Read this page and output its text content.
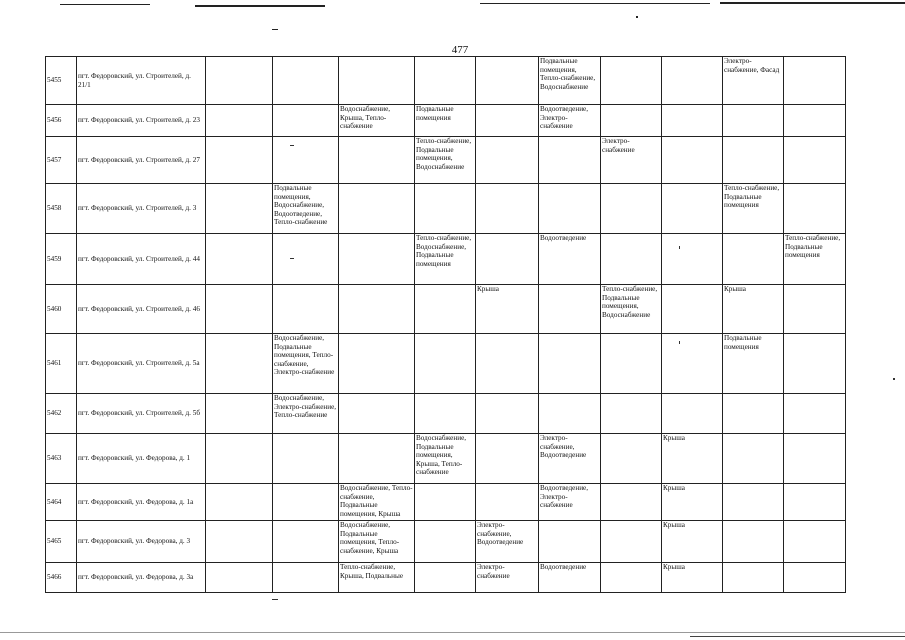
477
5455	пгт. Федоровский, ул. Строителей, д. 21/1						Подвальные помещения, Тепло-снабжение, Водоснабжение			Электро-снабжение, Фасад	
5456	пгт. Федоровский, ул. Строителей, д. 23			Водоснабжение, Крыша, Тепло-снабжение	Подвальные помещения		Водоотведение, Электро-снабжение				
5457	пгт. Федоровский, ул. Строителей, д. 27				Тепло-снабжение, Подвальные помещения, Водоснабжение			Электро-снабжение			
5458	пгт. Федоровский, ул. Строителей, д. 3		Подвальные помещения, Водоснабжение, Водоотведение, Тепло-снабжение							Тепло-снабжение, Подвальные помещения	
5459	пгт. Федоровский, ул. Строителей, д. 44				Тепло-снабжение, Водоснабжение, Подвальные помещения		Водоотведение				Тепло-снабжение, Подвальные помещения
5460	пгт. Федоровский, ул. Строителей, д. 46					Крыша		Тепло-снабжение, Подвальные помещения, Водоснабжение		Крыша	
5461	пгт. Федоровский, ул. Строителей, д. 5а		Водоснабжение, Подвальные помещения, Тепло-снабжение, Электро-снабжение							Подвальные помещения	
5462	пгт. Федоровский, ул. Строителей, д. 5б		Водоснабжение, Электро-снабжение, Тепло-снабжение								
5463	пгт. Федоровский, ул. Федорова, д. 1				Водоснабжение, Подвальные помещения, Крыша, Тепло-снабжение		Электро-снабжение, Водоотведение		Крыша		
5464	пгт. Федоровский, ул. Федорова, д. 1а			Водоснабжение, Тепло-снабжение, Подвальные помещения, Крыша			Водоотведение, Электро-снабжение		Крыша		
5465	пгт. Федоровский, ул. Федорова, д. 3			Водоснабжение, Подвальные помещения, Тепло-снабжение, Крыша		Электро-снабжение, Водоотведение			Крыша		
5466	пгт. Федоровский, ул. Федорова, д. 3а			Тепло-снабжение, Крыша, Подвальные		Электро-снабжение	Водоотведение		Крыша		
